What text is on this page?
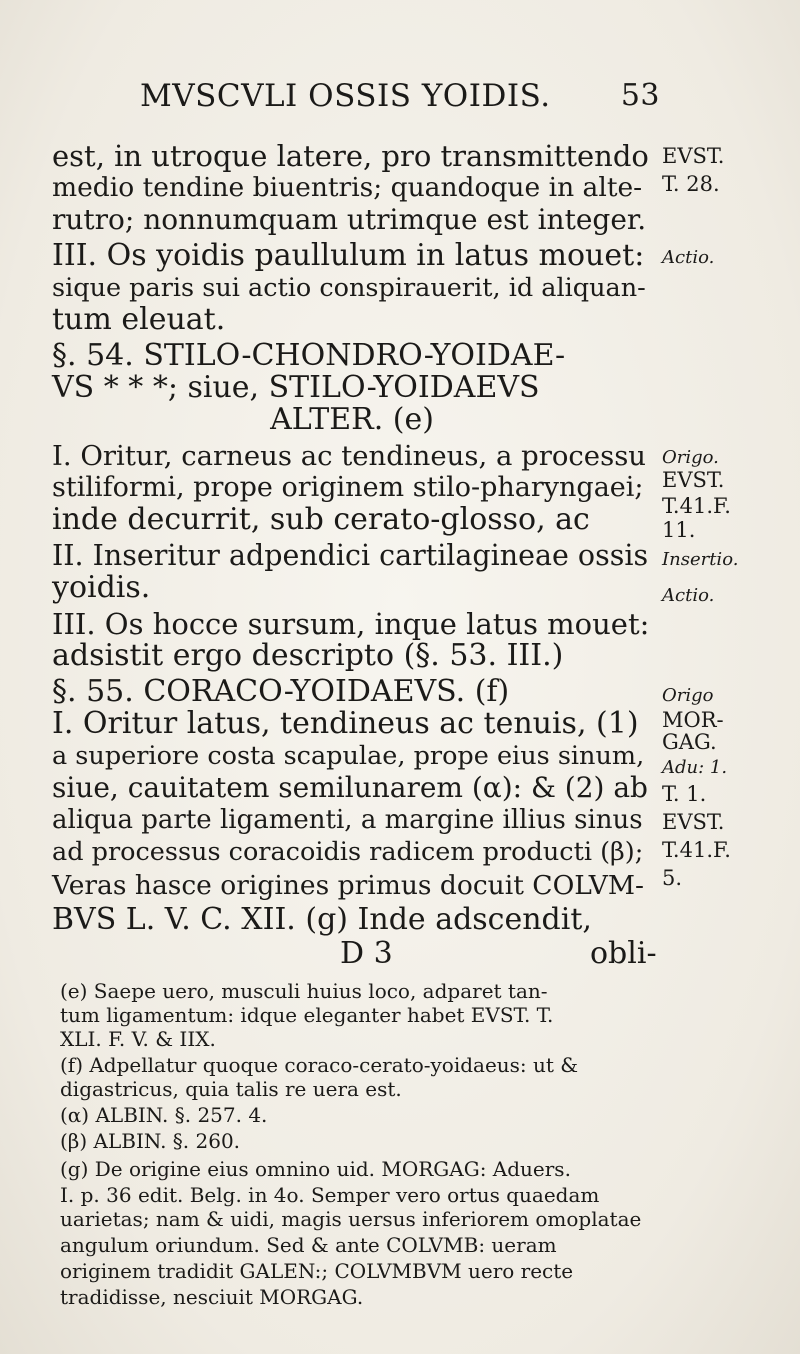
MVSCVLI OSSIS YOIDIS. 53
est, in utroque latere, pro transmittendo
medio tendine biuentris; quandoque in alte-
rutro; nonnumquam utrimque est integer.
III. Os yoidis paullulum in latus mouet:
sique paris sui actio conspirauerit, id aliquan-
tum eleuat.
§. 54. STILO-CHONDRO-YOIDAE-
VS * * *; siue, STILO-YOIDAEVS
ALTER. (e)
I. Oritur, carneus ac tendineus, a processu
stiliformi, prope originem stilo-pharyngaei;
inde decurrit, sub cerato-glosso, ac
II. Inseritur adpendici cartilagineae ossis
yoidis.
III. Os hocce sursum, inque latus mouet:
adsistit ergo descripto (§. 53. III.)
§. 55. CORACO-YOIDAEVS. (f)
I. Oritur latus, tendineus ac tenuis, (1)
a superiore costa scapulae, prope eius sinum,
siue, cauitatem semilunarem (α): & (2) ab
aliqua parte ligamenti, a margine illius sinus
ad processus coracoidis radicem producti (β);
Veras hasce origines primus docuit COLVM-
BVS L. V. C. XII. (g) Inde adscendit,
D 3	obli-
EVST.
T. 28.
Actio.
Origo.
EVST.
T.41.F.
11.
Insertio.
Actio.
Origo
MOR-
GAG.
Adu: 1.
T. 1.
EVST.
T.41.F.
5.
(e) Saepe uero, musculi huius loco, adparet tan-
tum ligamentum: idque eleganter habet EVST. T.
XLI. F. V. & IIX.
(f) Adpellatur quoque coraco-cerato-yoidaeus: ut &
digastricus, quia talis re uera est.
(α) ALBIN. §. 257. 4.
(β) ALBIN. §. 260.
(g) De origine eius omnino uid. MORGAG: Aduers.
I. p. 36 edit. Belg. in 4o. Semper vero ortus quaedam
uarietas; nam & uidi, magis uersus inferiorem omoplatae
angulum oriundum. Sed & ante COLVMB: ueram
originem tradidit GALEN:; COLVMBVM uero recte
tradidisse, nesciuit MORGAG.
